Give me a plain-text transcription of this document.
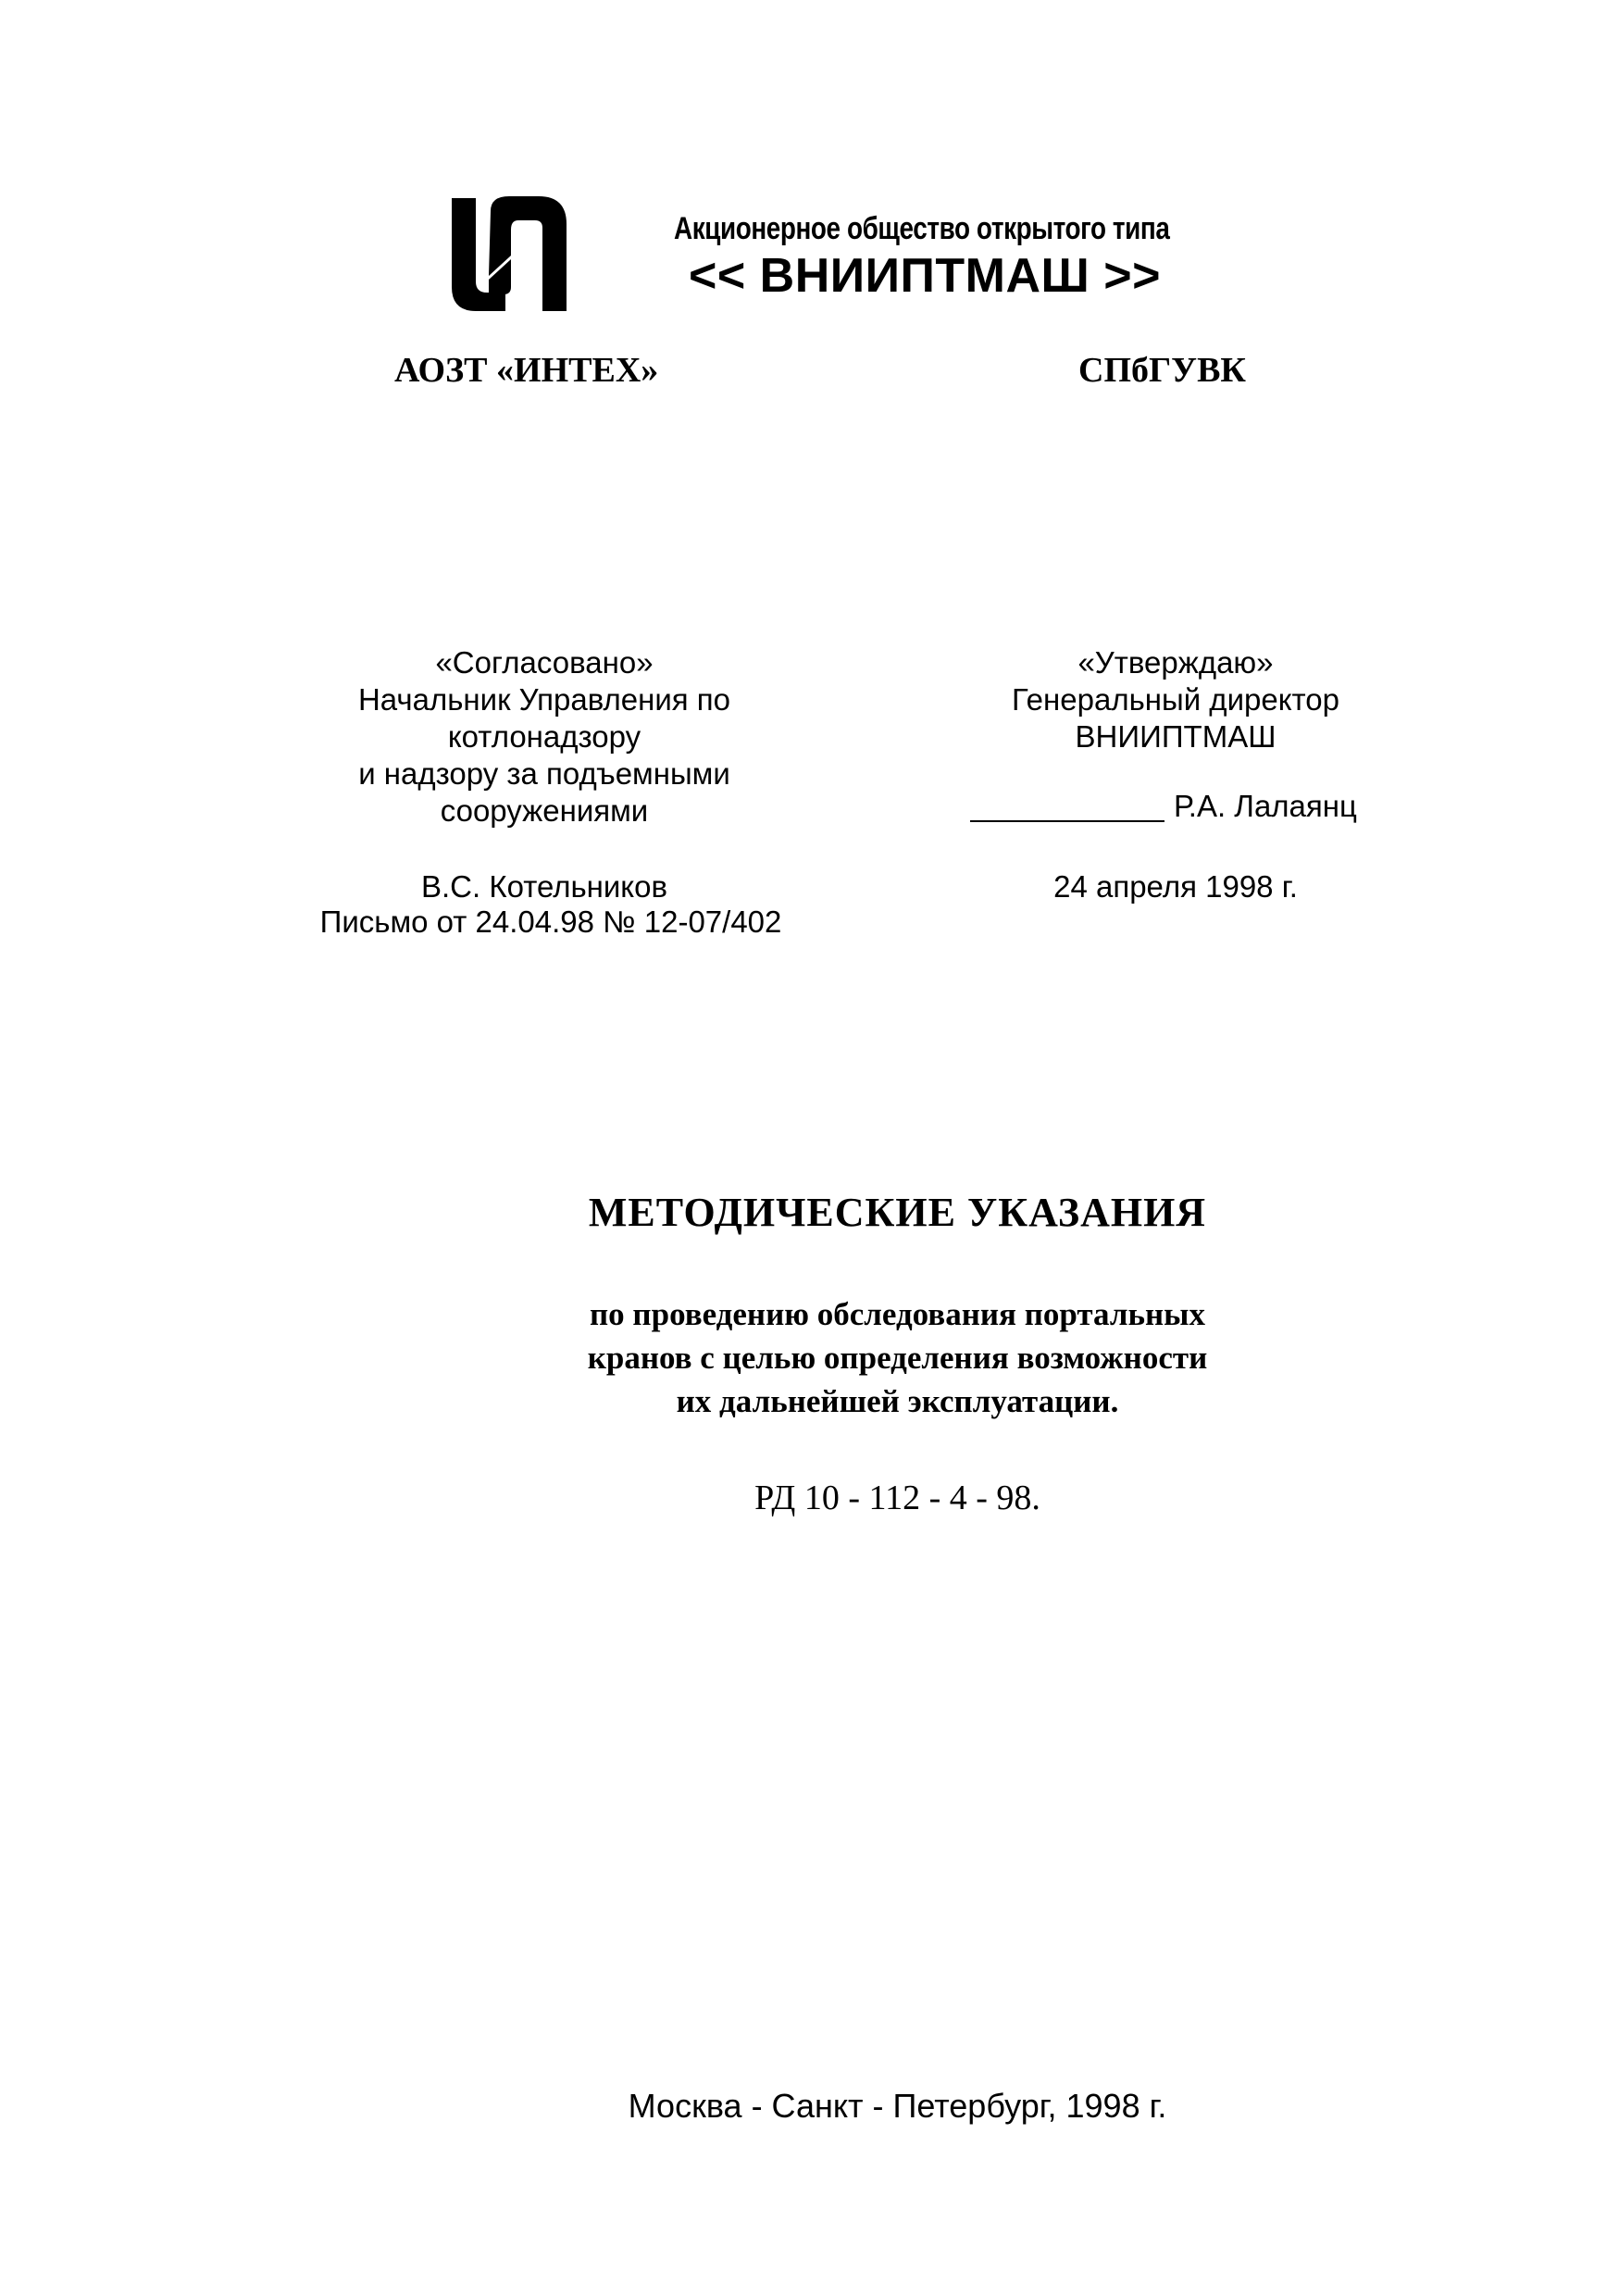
Акционерное общество открытого типа
<< ВНИИПТМАШ >>
АОЗТ «ИНТЕХ»	СПбГУВК
«Согласовано»
Начальник Управления по
котлонадзору
и надзору за подъемными
сооружениями
«Утверждаю»
Генеральный директор
ВНИИПТМАШ
Р.А. Лалаянц
В.С. Котельников
Письмо от 24.04.98 № 12-07/402
24 апреля 1998 г.
МЕТОДИЧЕСКИЕ УКАЗАНИЯ
по проведению обследования портальных
кранов с целью определения возможности
их дальнейшей эксплуатации.
РД 10 - 112 - 4 - 98.
Москва - Санкт - Петербург, 1998 г.
